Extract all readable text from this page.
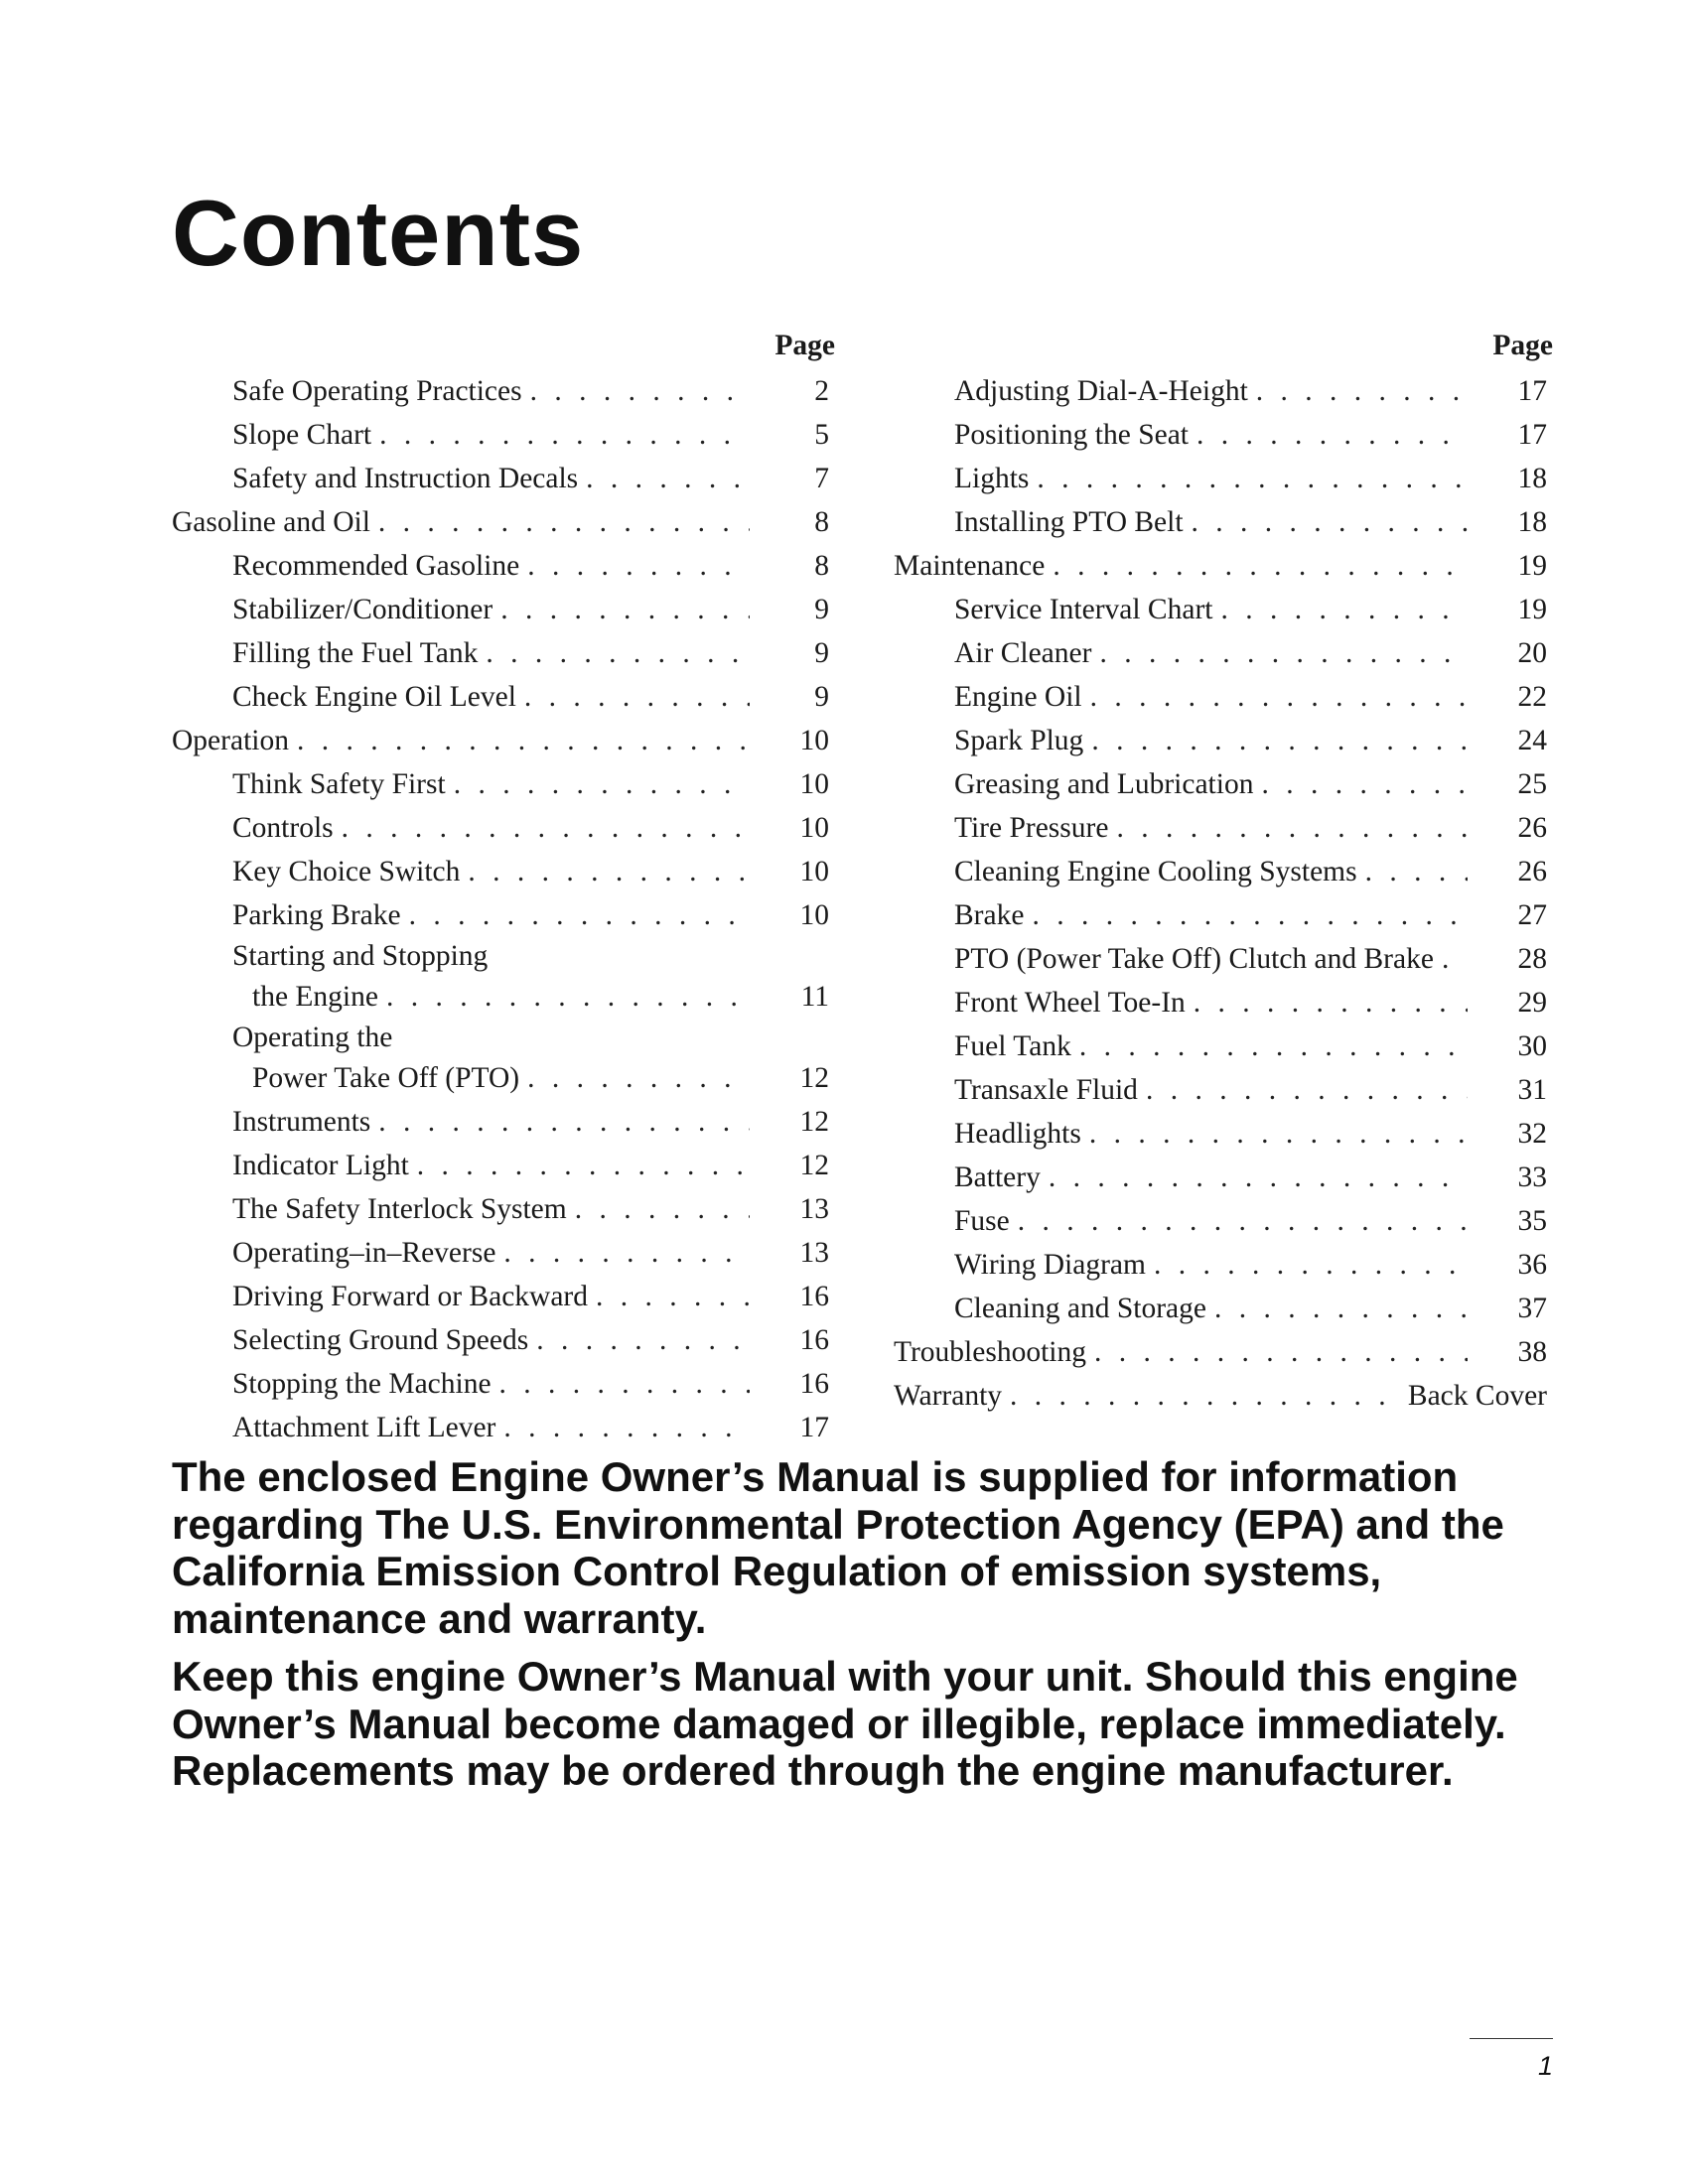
Contents
Page
Safe Operating Practices . . .	2
Slope Chart . . .	5
Safety and Instruction Decals . . .	7
Gasoline and Oil . . .	8
Recommended Gasoline . . .	8
Stabilizer/Conditioner . . .	9
Filling the Fuel Tank . . .	9
Check Engine Oil Level . . .	9
Operation . . .	10
Think Safety First . . .	10
Controls . . .	10
Key Choice Switch . . .	10
Parking Brake . . .	10
Starting and Stopping
the Engine . . .	11
Operating the
Power Take Off (PTO) . . .	12
Instruments . . .	12
Indicator Light . . .	12
The Safety Interlock System . . .	13
Operating–in–Reverse . . .	13
Driving Forward or Backward . . .	16
Selecting Ground Speeds . . .	16
Stopping the Machine . . .	16
Attachment Lift Lever . . .	17
Page
Adjusting Dial-A-Height . . .	17
Positioning the Seat . . .	17
Lights . . .	18
Installing PTO Belt . . .	18
Maintenance . . .	19
Service Interval Chart . . .	19
Air Cleaner . . .	20
Engine Oil . . .	22
Spark Plug . . .	24
Greasing and Lubrication . . .	25
Tire Pressure . . .	26
Cleaning Engine Cooling Systems . . .	26
Brake . . .	27
PTO (Power Take Off) Clutch and Brake . . .	28
Front Wheel Toe-In . . .	29
Fuel Tank . . .	30
Transaxle Fluid . . .	31
Headlights . . .	32
Battery . . .	33
Fuse . . .	35
Wiring Diagram . . .	36
Cleaning and Storage . . .	37
Troubleshooting . . .	38
Warranty . . .	Back Cover

The enclosed Engine Owner’s Manual is supplied for information regarding The U.S. Environmental Protection Agency (EPA) and the California Emission Control Regulation of emission systems, maintenance and warranty.

Keep this engine Owner’s Manual with your unit. Should this engine Owner’s Manual become damaged or illegible, replace immediately. Replacements may be ordered through the engine manufacturer.

1
